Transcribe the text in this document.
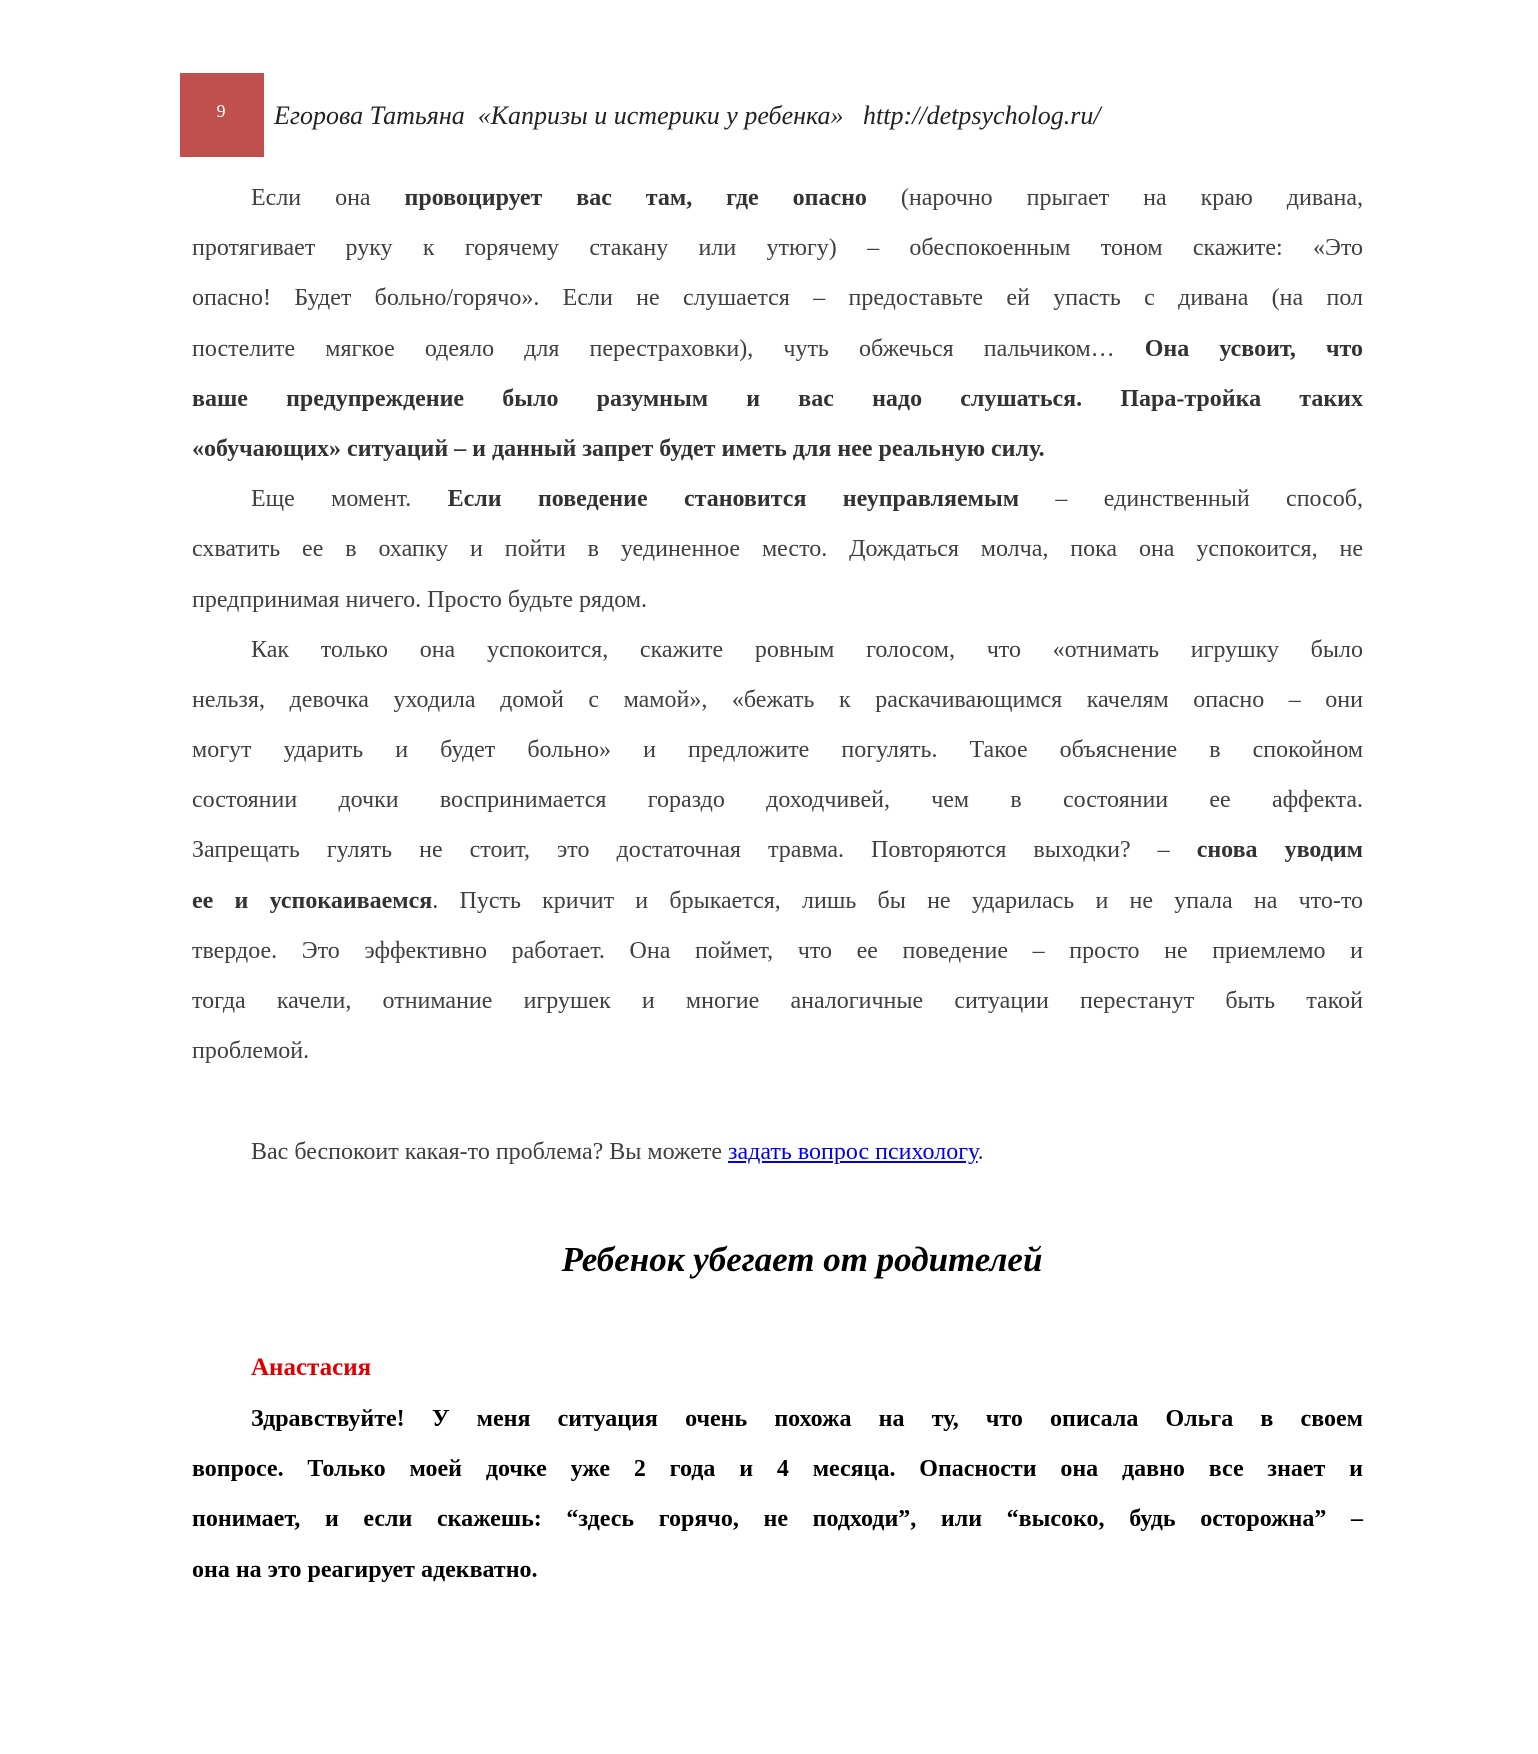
9 Егорова Татьяна  «Капризы и истерики у ребенка»   http://detpsycholog.ru/
Если она провоцирует вас там, где опасно (нарочно прыгает на краю дивана,
протягивает руку к горячему стакану или утюгу) – обеспокоенным тоном скажите: «Это
опасно! Будет больно/горячо». Если не слушается – предоставьте ей упасть с дивана (на пол
постелите мягкое одеяло для перестраховки), чуть обжечься пальчиком… Она усвоит, что
ваше предупреждение было разумным и вас надо слушаться. Пара-тройка таких
«обучающих» ситуаций – и данный запрет будет иметь для нее реальную силу.
Еще момент. Если поведение становится неуправляемым – единственный способ,
схватить ее в охапку и пойти в уединенное место. Дождаться молча, пока она успокоится, не
предпринимая ничего. Просто будьте рядом.
Как только она успокоится, скажите ровным голосом, что «отнимать игрушку было
нельзя, девочка уходила домой с мамой», «бежать к раскачивающимся качелям опасно – они
могут ударить и будет больно» и предложите погулять. Такое объяснение в спокойном
состоянии дочки воспринимается гораздо доходчивей, чем в состоянии ее аффекта.
Запрещать гулять не стоит, это достаточная травма. Повторяются выходки? – снова уводим
ее и успокаиваемся. Пусть кричит и брыкается, лишь бы не ударилась и не упала на что-то
твердое. Это эффективно работает. Она поймет, что ее поведение – просто не приемлемо и
тогда качели, отнимание игрушек и многие аналогичные ситуации перестанут быть такой
проблемой.
Вас беспокоит какая-то проблема? Вы можете задать вопрос психологу.
Ребенок убегает от родителей
Анастасия
Здравствуйте! У меня ситуация очень похожа на ту, что описала Ольга в своем
вопросе. Только моей дочке уже 2 года и 4 месяца. Опасности она давно все знает и
понимает, и если скажешь: “здесь горячо, не подходи”, или “высоко, будь осторожна” –
она на это реагирует адекватно.
